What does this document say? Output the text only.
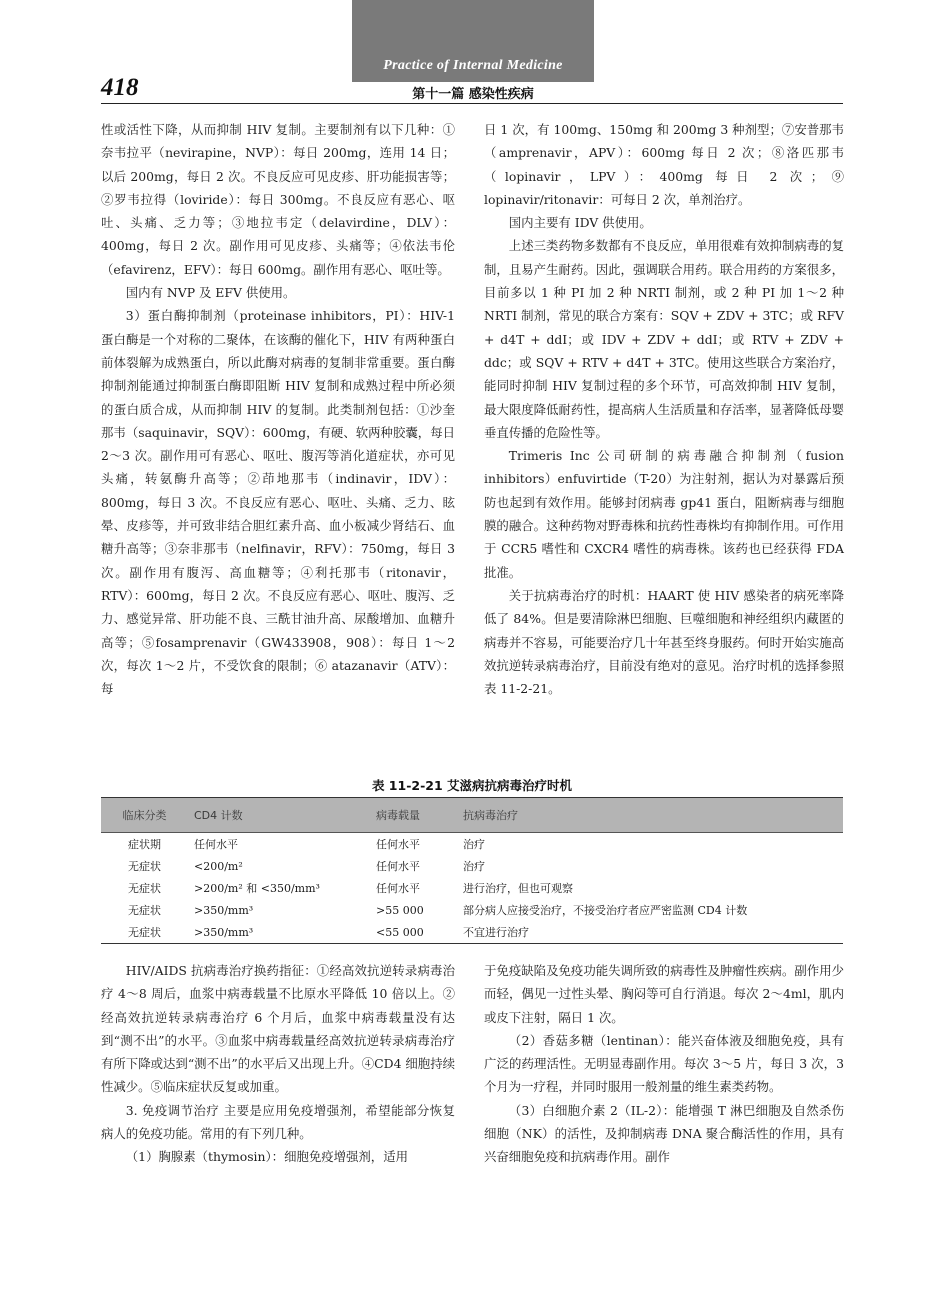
Practice of Internal Medicine
418	第十一篇 感染性疾病

性或活性下降，从而抑制 HIV 复制。主要制剂有以下几种：①奈韦拉平（nevirapine，NVP）：每日 200mg，连用 14 日；以后 200mg，每日 2 次。不良反应可见皮疹、肝功能损害等；②罗韦拉得（loviride）：每日 300mg。不良反应有恶心、呕吐、头痛、乏力等；③地拉韦定（delavirdine，DLV）：400mg，每日 2 次。副作用可见皮疹、头痛等；④依法韦伦（efavirenz，EFV）：每日 600mg。副作用有恶心、呕吐等。

国内有 NVP 及 EFV 供使用。

3）蛋白酶抑制剂（proteinase inhibitors，PI）：HIV-1 蛋白酶是一个对称的二聚体，在该酶的催化下，HIV 有两种蛋白前体裂解为成熟蛋白，所以此酶对病毒的复制非常重要。蛋白酶抑制剂能通过抑制蛋白酶即阻断 HIV 复制和成熟过程中所必须的蛋白质合成，从而抑制 HIV 的复制。此类制剂包括：①沙奎那韦（saquinavir，SQV）：600mg，有硬、软两种胶囊，每日 2～3 次。副作用可有恶心、呕吐、腹泻等消化道症状，亦可见头痛，转氨酶升高等；②茚地那韦（indinavir，IDV）：800mg，每日 3 次。不良反应有恶心、呕吐、头痛、乏力、眩晕、皮疹等，并可致非结合胆红素升高、血小板减少肾结石、血糖升高等；③奈非那韦（nelfinavir，RFV）：750mg，每日 3 次。副作用有腹泻、高血糖等；④利托那韦（ritonavir，RTV）：600mg，每日 2 次。不良反应有恶心、呕吐、腹泻、乏力、感觉异常、肝功能不良、三酰甘油升高、尿酸增加、血糖升高等；⑤fosamprenavir（GW433908，908）：每日 1～2 次，每次 1～2 片，不受饮食的限制；⑥ atazanavir（ATV）：每

日 1 次，有 100mg、150mg 和 200mg 3 种剂型；⑦安普那韦（amprenavir，APV）：600mg 每日 2 次；⑧洛匹那韦（lopinavir，LPV）：400mg 每日 2 次；⑨ lopinavir/ritonavir：可每日 2 次，单剂治疗。

国内主要有 IDV 供使用。

上述三类药物多数都有不良反应，单用很难有效抑制病毒的复制，且易产生耐药。因此，强调联合用药。联合用药的方案很多，目前多以 1 种 PI 加 2 种 NRTI 制剂，或 2 种 PI 加 1～2 种 NRTI 制剂，常见的联合方案有：SQV + ZDV + 3TC；或 RFV + d4T + ddI；或 IDV + ZDV + ddI；或 RTV + ZDV + ddc；或 SQV + RTV + d4T + 3TC。使用这些联合方案治疗，能同时抑制 HIV 复制过程的多个环节，可高效抑制 HIV 复制，最大限度降低耐药性，提高病人生活质量和存活率，显著降低母婴垂直传播的危险性等。

Trimeris Inc 公司研制的病毒融合抑制剂（fusion inhibitors）enfuvirtide（T-20）为注射剂，据认为对暴露后预防也起到有效作用。能够封闭病毒 gp41 蛋白，阻断病毒与细胞膜的融合。这种药物对野毒株和抗药性毒株均有抑制作用。可作用于 CCR5 嗜性和 CXCR4 嗜性的病毒株。该药也已经获得 FDA 批准。

关于抗病毒治疗的时机：HAART 使 HIV 感染者的病死率降低了 84%。但是要清除淋巴细胞、巨噬细胞和神经组织内藏匿的病毒并不容易，可能要治疗几十年甚至终身服药。何时开始实施高效抗逆转录病毒治疗，目前没有绝对的意见。治疗时机的选择参照表 11-2-21。

表 11-2-21 艾滋病抗病毒治疗时机
临床分类	CD4 计数	病毒载量	抗病毒治疗
症状期	任何水平	任何水平	治疗
无症状	<200/m²	任何水平	治疗
无症状	>200/m² 和 <350/mm³	任何水平	进行治疗，但也可观察
无症状	>350/mm³	>55 000	部分病人应接受治疗，不接受治疗者应严密监测 CD4 计数
无症状	>350/mm³	<55 000	不宜进行治疗

HIV/AIDS 抗病毒治疗换药指征：①经高效抗逆转录病毒治疗 4～8 周后，血浆中病毒载量不比原水平降低 10 倍以上。②经高效抗逆转录病毒治疗 6 个月后，血浆中病毒载量没有达到“测不出”的水平。③血浆中病毒载量经高效抗逆转录病毒治疗有所下降或达到“测不出”的水平后又出现上升。④CD4 细胞持续性减少。⑤临床症状反复或加重。

3. 免疫调节治疗 主要是应用免疫增强剂，希望能部分恢复病人的免疫功能。常用的有下列几种。

（1）胸腺素（thymosin）：细胞免疫增强剂，适用

于免疫缺陷及免疫功能失调所致的病毒性及肿瘤性疾病。副作用少而轻，偶见一过性头晕、胸闷等可自行消退。每次 2～4ml，肌内或皮下注射，隔日 1 次。

（2）香菇多糖（lentinan）：能兴奋体液及细胞免疫，具有广泛的药理活性。无明显毒副作用。每次 3～5 片，每日 3 次，3 个月为一疗程，并同时服用一般剂量的维生素类药物。

（3）白细胞介素 2（IL-2）：能增强 T 淋巴细胞及自然杀伤细胞（NK）的活性，及抑制病毒 DNA 聚合酶活性的作用，具有兴奋细胞免疫和抗病毒作用。副作
